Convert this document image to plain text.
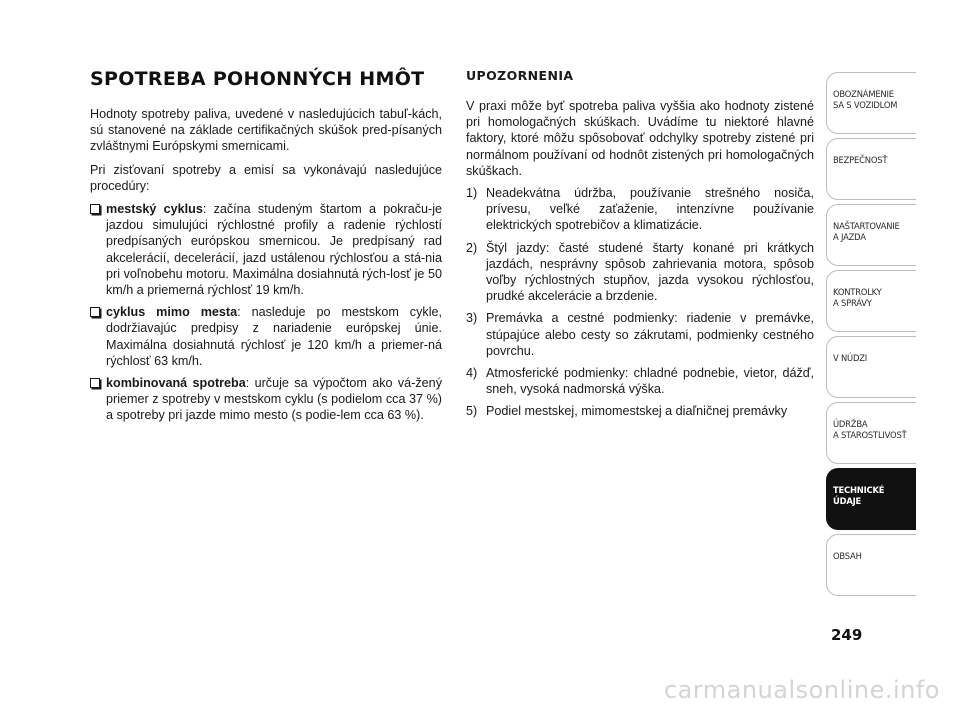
SPOTREBA POHONNÝCH HMÔT

Hodnoty spotreby paliva, uvedené v nasledujúcich tabuľ-kách, sú stanovené na základe certifikačných skúšok pred-písaných zvláštnymi Európskymi smernicami.

Pri zisťovaní spotreby a emisí sa vykonávajú nasledujúce procedúry:

mestský cyklus: začína studeným štartom a pokraču-je jazdou simulujúci rýchlostné profily a radenie rýchlostí predpísaných európskou smernicou. Je predpísaný rad akcelerácií, decelerácií, jazd ustálenou rýchlosťou a stá-nia pri voľnobehu motoru. Maximálna dosiahnutá rých-losť je 50 km/h a priemerná rýchlosť 19 km/h.
cyklus mimo mesta: nasleduje po mestskom cykle, dodržiavajúc predpisy z nariadenie európskej únie. Maximálna dosiahnutá rýchlosť je 120 km/h a priemer-ná rýchlosť 63 km/h.
kombinovaná spotreba: určuje sa výpočtom ako vá-žený priemer z spotreby v mestskom cyklu (s podielom cca 37 %) a spotreby pri jazde mimo mesto (s podie-lem cca 63 %).
UPOZORNENIA

V praxi môže byť spotreba paliva vyššia ako hodnoty zistené pri homologačných skúškach. Uvádíme tu niektoré hlavné faktory, ktoré môžu spôsobovať odchylky spotreby zistené pri normálnom používaní od hodnôt zistených pri homologačných skúškach.

1) Neadekvátna údržba, používanie strešného nosiča, prívesu, veľké zaťaženie, intenzívne používanie elektrických spotrebičov a klimatizácie.
2) Štýl jazdy: časté studené štarty konané pri krátkych jazdách, nesprávny spôsob zahrievania motora, spôsob voľby rýchlostných stupňov, jazda vysokou rýchlosťou, prudké akcelerácie a brzdenie.
3) Premávka a cestné podmienky: riadenie v premávke, stúpajúce alebo cesty so zákrutami, podmienky cestného povrchu.
4) Atmosferické podmienky: chladné podnebie, vietor, dážď, sneh, vysoká nadmorská výška.
5) Podiel mestskej, mimomestskej a diaľničnej premávky
OBOZNÁMENIE
SA S VOZIDLOM
BEZPEČNOSŤ
NAŠTARTOVANIE
A JAZDA
KONTROLKY
A SPRÁVY
V NÚDZI
ÚDRŽBA
A STAROSTLIVOSŤ
TECHNICKÉ
ÚDAJE
OBSAH
249
carmanualsonline.info
